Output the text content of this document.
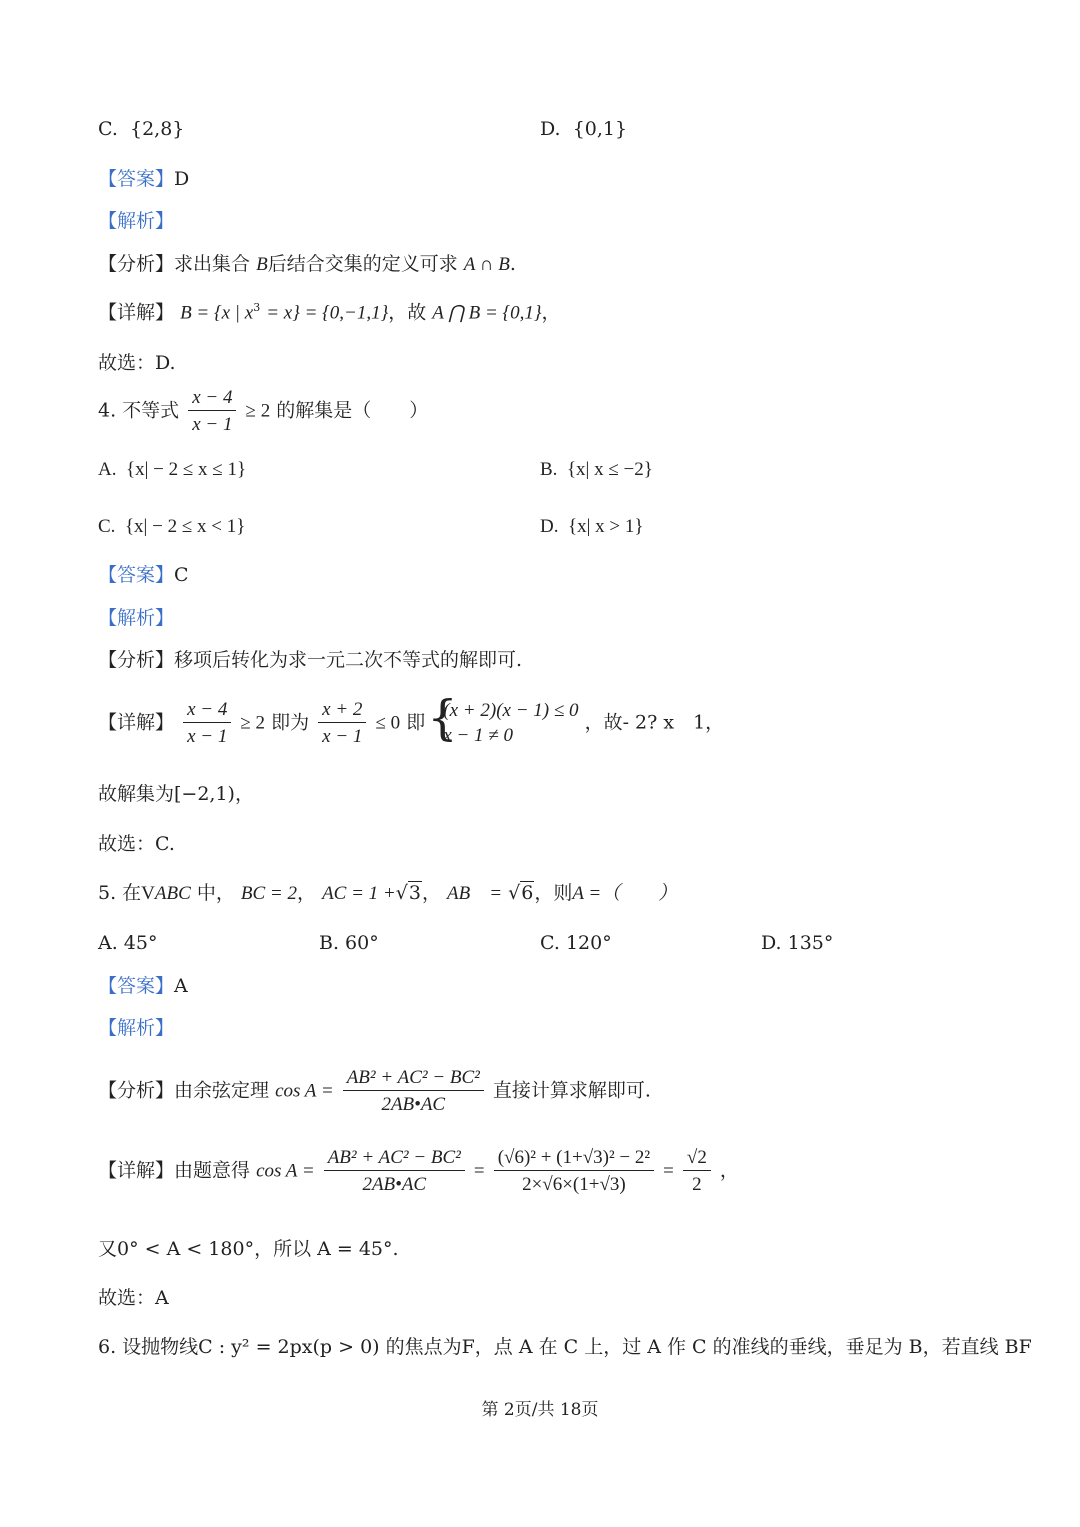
C. {2,8}	D. {0,1}
【答案】D
【解析】
【分析】求出集合 B后结合交集的定义可求 A ∩ B.
【详解】 B = {x | $x^3 = x\} = \{0,-1,1\}$，故 A ⋂ B = {0,1}，
故选：D.
4. 不等式 $\frac{x - 4}{x - 1} \ge 2$ 的解集是（　　）
A. {x| − 2 ≤ x ≤ 1}	B. {x| x ≤ −2}
C. {x| − 2 ≤ x < 1}	D. {x| x > 1}
【答案】C
【解析】
【分析】移项后转化为求一元二次不等式的解即可.
【详解】 $\frac{x - 4}{x - 1} \ge 2$ 即为 $\frac{x + 2}{x - 1} \le 0$ 即 {
(x + 2)(x − 1) ≤ 0
x − 1 ≠ 0
，故- 2? x　1，
故解集为[−2,1)，
故选：C.
5. 在VABC 中， BC = 2， AC = 1 +√3， AB　= √6，则A =（　　）
A. 45°	B. 60°	C. 120°	D. 135°
【答案】A
【解析】
【分析】由余弦定理 $\cos A = \frac{\text{AB² + AC² − BC²}}{2AB•AC}$ 直接计算求解即可.
【详解】由题意得 $\cos A = \frac{\text{AB² + AC² − BC²}}{2AB•AC} = \frac{\text{(√6)² + (1+√3)² − 2²}}{2\times√6\times(1+√3)} = \frac{√2}{2}$ ，
又0° < A < 180°，所以 A = 45°.
故选：A
6. 设抛物线C : y² = 2px(p > 0) 的焦点为F，点 A 在 C 上，过 A 作 C 的准线的垂线，垂足为 B，若直线 BF
第 2页/共 18页
